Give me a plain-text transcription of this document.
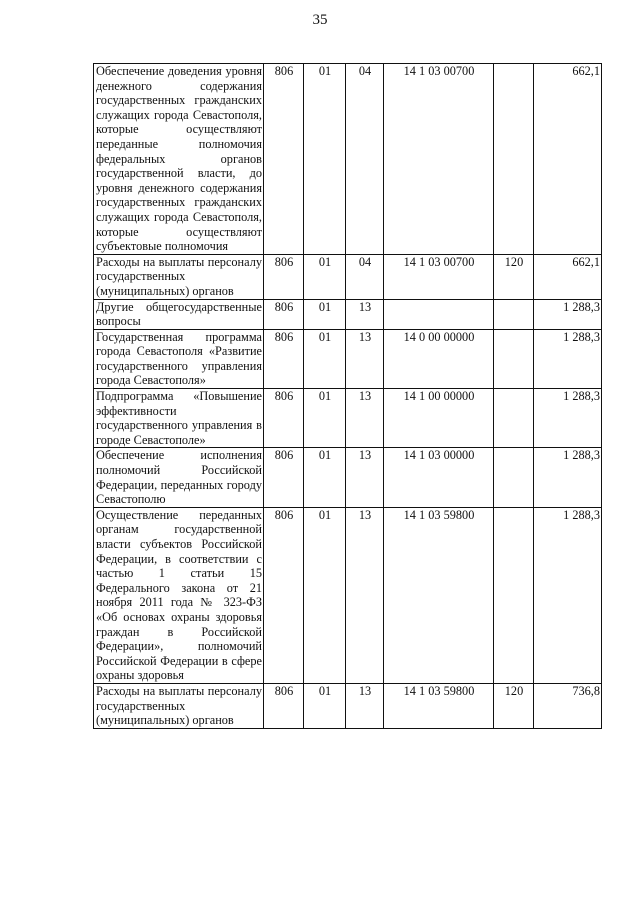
35
Обеспечение доведения уровня денежного содержания государственных гражданских служащих города Севастополя, которые осуществляют переданные полномочия федеральных органов государственной власти, до уровня денежного содержания государственных гражданских служащих города Севастополя, которые осуществляют субъектовые полномочия	806	01	04	14 1 03 00700		662,1
Расходы на выплаты персоналу государственных (муниципальных) органов	806	01	04	14 1 03 00700	120	662,1
Другие общегосударственные вопросы	806	01	13			1 288,3
Государственная программа города Севастополя «Развитие государственного управления города Севастополя»	806	01	13	14 0 00 00000		1 288,3
Подпрограмма «Повышение эффективности государственного управления в городе Севастополе»	806	01	13	14 1 00 00000		1 288,3
Обеспечение исполнения полномочий Российской Федерации, переданных городу Севастополю	806	01	13	14 1 03 00000		1 288,3
Осуществление переданных органам государственной власти субъектов Российской Федерации, в соответствии с частью 1 статьи 15 Федерального закона от 21 ноября 2011 года № 323-ФЗ «Об основах охраны здоровья граждан в Российской Федерации», полномочий Российской Федерации в сфере охраны здоровья	806	01	13	14 1 03 59800		1 288,3
Расходы на выплаты персоналу государственных (муниципальных) органов	806	01	13	14 1 03 59800	120	736,8
